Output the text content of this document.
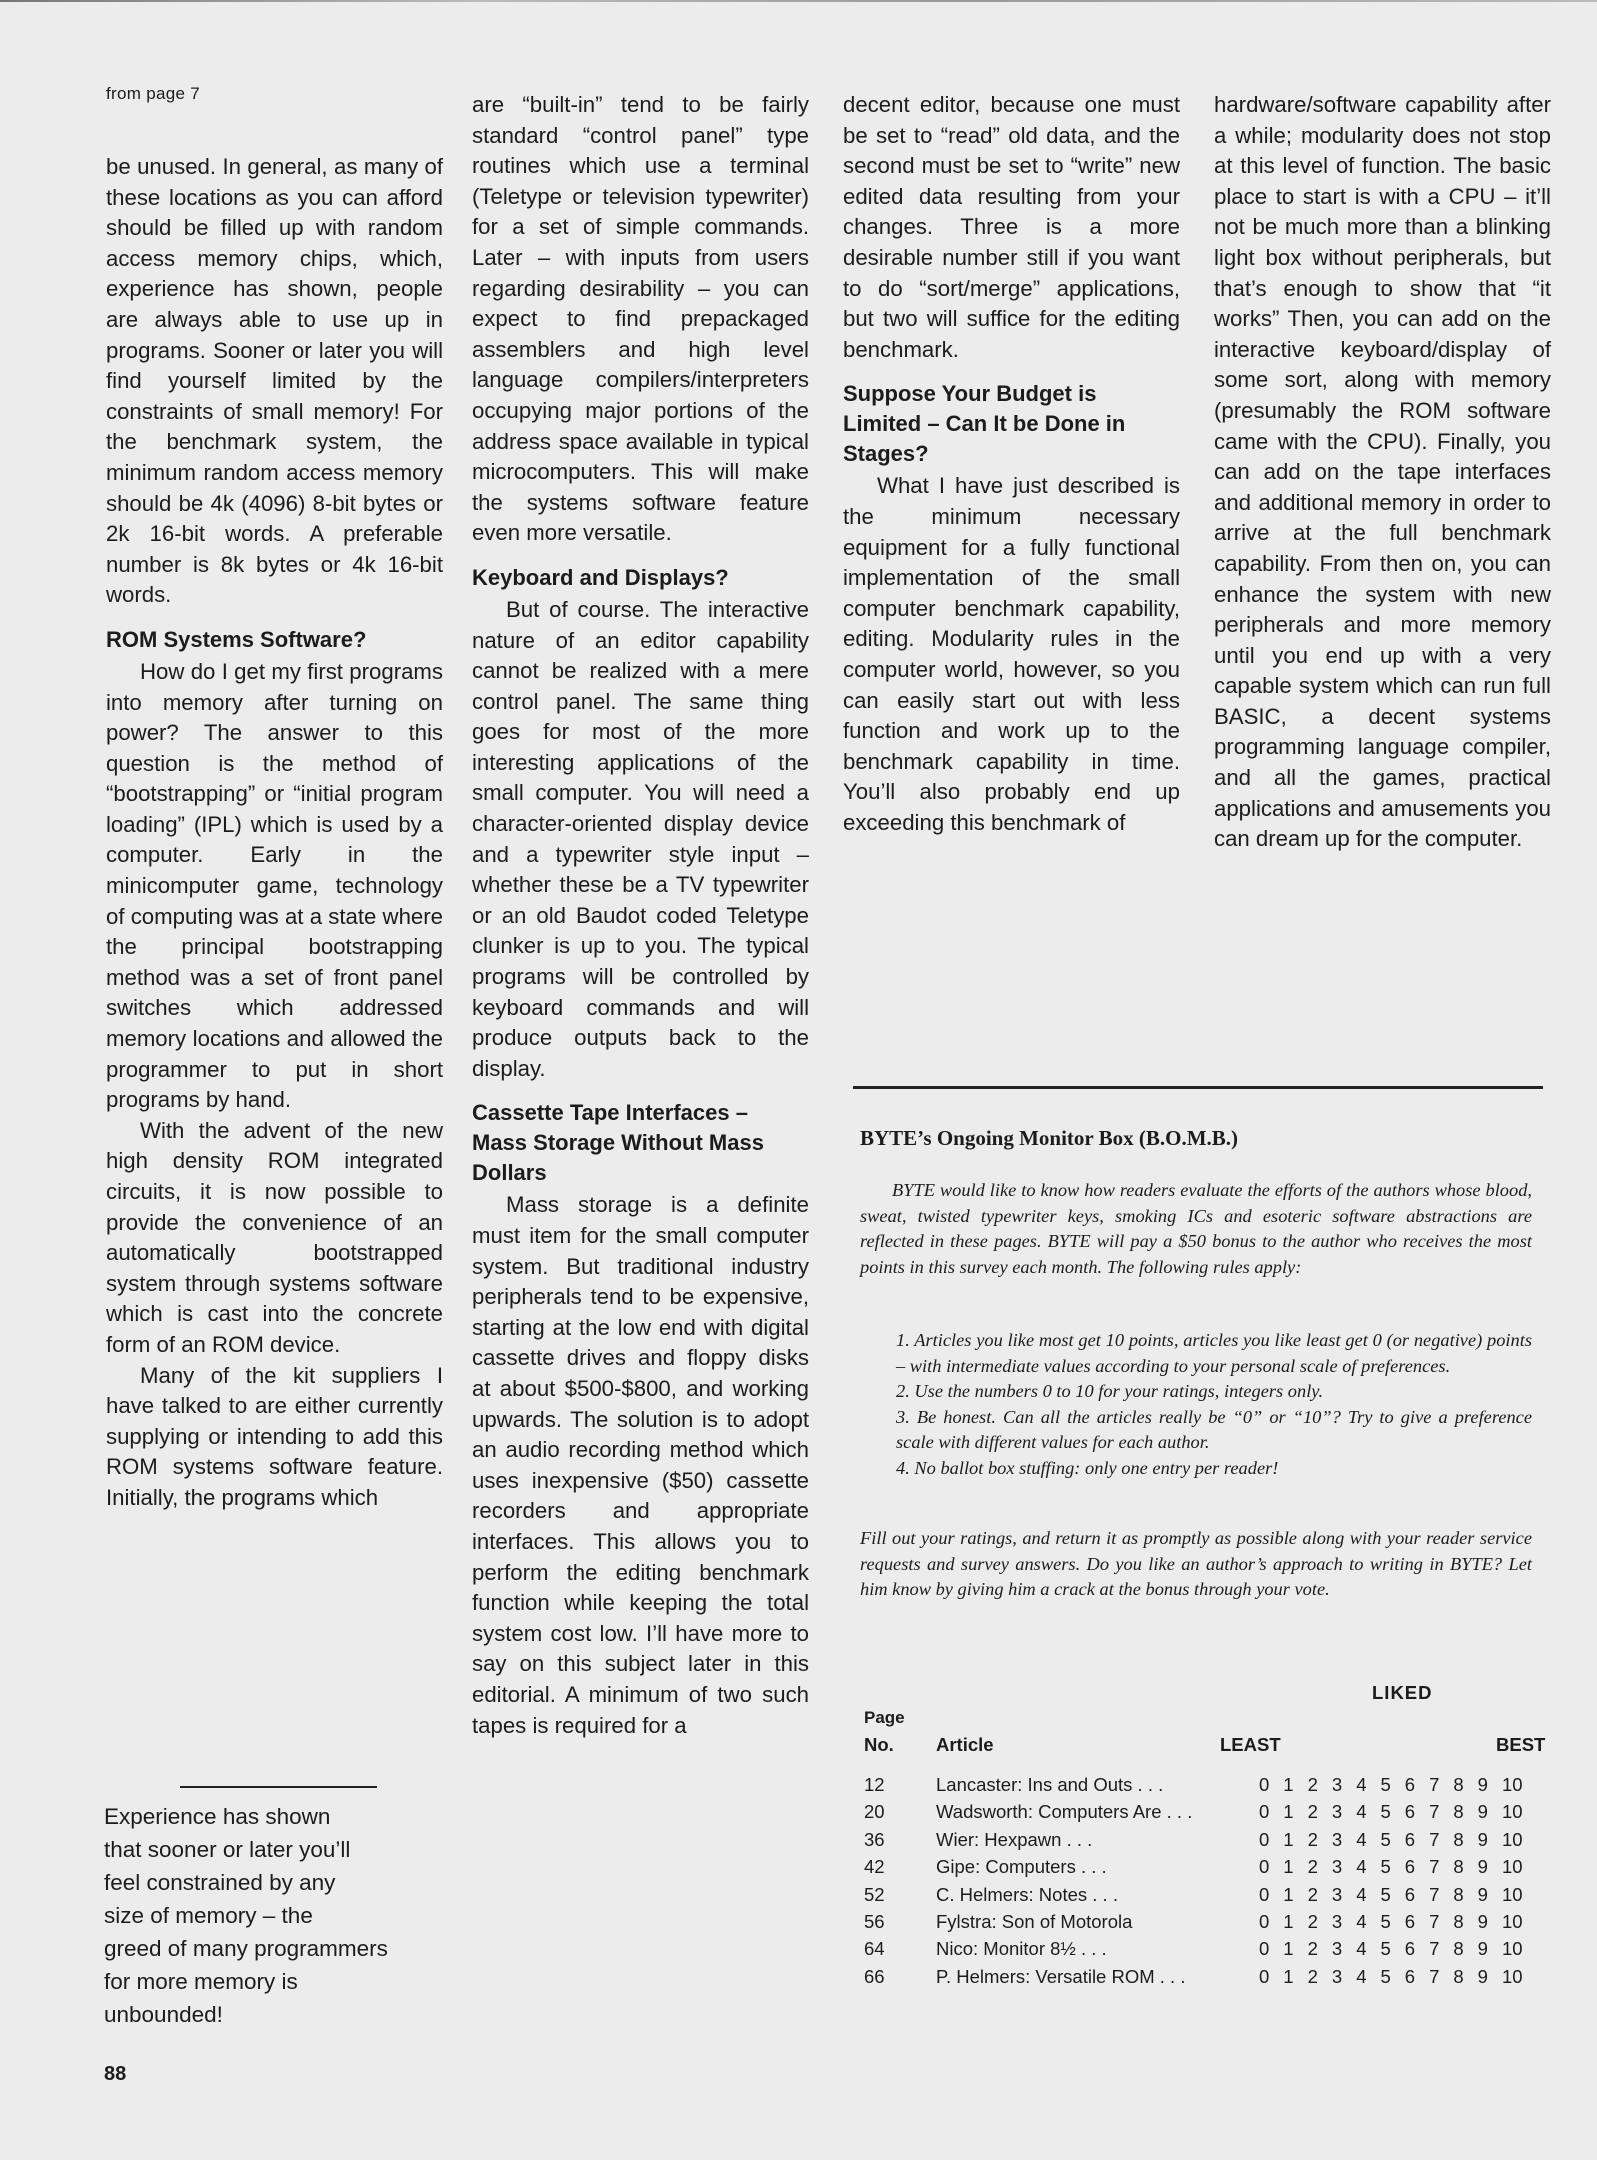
from page 7

be unused. In general, as many of these locations as you can afford should be filled up with random access memory chips, which, experience has shown, people are always able to use up in programs. Sooner or later you will find yourself limited by the constraints of small memory! For the benchmark system, the minimum random access memory should be 4k (4096) 8-bit bytes or 2k 16-bit words. A preferable number is 8k bytes or 4k 16-bit words.

ROM Systems Software?

How do I get my first programs into memory after turning on power? The answer to this question is the method of “bootstrapping” or “initial program loading” (IPL) which is used by a computer. Early in the minicomputer game, technology of computing was at a state where the principal bootstrapping method was a set of front panel switches which addressed memory locations and allowed the programmer to put in short programs by hand.

With the advent of the new high density ROM integrated circuits, it is now possible to provide the convenience of an automatically bootstrapped system through systems software which is cast into the concrete form of an ROM device.

Many of the kit suppliers I have talked to are either currently supplying or intending to add this ROM systems software feature. Initially, the programs which

Experience has shown
that sooner or later you’ll
feel constrained by any
size of memory – the
greed of many programmers
for more memory is
unbounded!
88

are “built-in” tend to be fairly standard “control panel” type routines which use a terminal (Teletype or television typewriter) for a set of simple commands. Later – with inputs from users regarding desirability – you can expect to find prepackaged assemblers and high level language compilers/interpreters occupying major portions of the address space available in typical microcomputers. This will make the systems software feature even more versatile.

Keyboard and Displays?

But of course. The interactive nature of an editor capability cannot be realized with a mere control panel. The same thing goes for most of the more interesting applications of the small computer. You will need a character-oriented display device and a typewriter style input – whether these be a TV typewriter or an old Baudot coded Teletype clunker is up to you. The typical programs will be controlled by keyboard commands and will produce outputs back to the display.

Cassette Tape Interfaces – Mass Storage Without Mass Dollars

Mass storage is a definite must item for the small computer system. But traditional industry peripherals tend to be expensive, starting at the low end with digital cassette drives and floppy disks at about $500-$800, and working upwards. The solution is to adopt an audio recording method which uses inexpensive ($50) cassette recorders and appropriate interfaces. This allows you to perform the editing benchmark function while keeping the total system cost low. I’ll have more to say on this subject later in this editorial. A minimum of two such tapes is required for a

decent editor, because one must be set to “read” old data, and the second must be set to “write” new edited data resulting from your changes. Three is a more desirable number still if you want to do “sort/merge” applications, but two will suffice for the editing benchmark.

Suppose Your Budget is Limited – Can It be Done in Stages?

What I have just described is the minimum necessary equipment for a fully functional implementation of the small computer benchmark capability, editing. Modularity rules in the computer world, however, so you can easily start out with less function and work up to the benchmark capability in time. You’ll also probably end up exceeding this benchmark of

hardware/software capability after a while; modularity does not stop at this level of function. The basic place to start is with a CPU – it’ll not be much more than a blinking light box without peripherals, but that’s enough to show that “it works” Then, you can add on the interactive keyboard/display of some sort, along with memory (presumably the ROM software came with the CPU). Finally, you can add on the tape interfaces and additional memory in order to arrive at the full benchmark capability. From then on, you can enhance the system with new peripherals and more memory until you end up with a very capable system which can run full BASIC, a decent systems programming language compiler, and all the games, practical applications and amusements you can dream up for the computer.

BYTE’s Ongoing Monitor Box (B.O.M.B.)
BYTE would like to know how readers evaluate the efforts of the authors whose blood, sweat, twisted typewriter keys, smoking ICs and esoteric software abstractions are reflected in these pages. BYTE will pay a $50 bonus to the author who receives the most points in this survey each month. The following rules apply:
1. Articles you like most get 10 points, articles you like least get 0 (or negative) points – with intermediate values according to your personal scale of preferences.
2. Use the numbers 0 to 10 for your ratings, integers only.
3. Be honest. Can all the articles really be “0” or “10”? Try to give a preference scale with different values for each author.
4. No ballot box stuffing: only one entry per reader!
Fill out your ratings, and return it as promptly as possible along with your reader service requests and survey answers. Do you like an author’s approach to writing in BYTE? Let him know by giving him a crack at the bonus through your vote.
LIKED
Page
No. Article	LEAST	BEST
12	Lancaster: Ins and Outs . . .	0 1 2 3 4 5 6 7 8 9 10
20	Wadsworth: Computers Are . . .	0 1 2 3 4 5 6 7 8 9 10
36	Wier: Hexpawn . . .	0 1 2 3 4 5 6 7 8 9 10
42	Gipe: Computers . . .	0 1 2 3 4 5 6 7 8 9 10
52	C. Helmers: Notes . . .	0 1 2 3 4 5 6 7 8 9 10
56	Fylstra: Son of Motorola	0 1 2 3 4 5 6 7 8 9 10
64	Nico: Monitor 8½ . . .	0 1 2 3 4 5 6 7 8 9 10
66	P. Helmers: Versatile ROM . . .	0 1 2 3 4 5 6 7 8 9 10
